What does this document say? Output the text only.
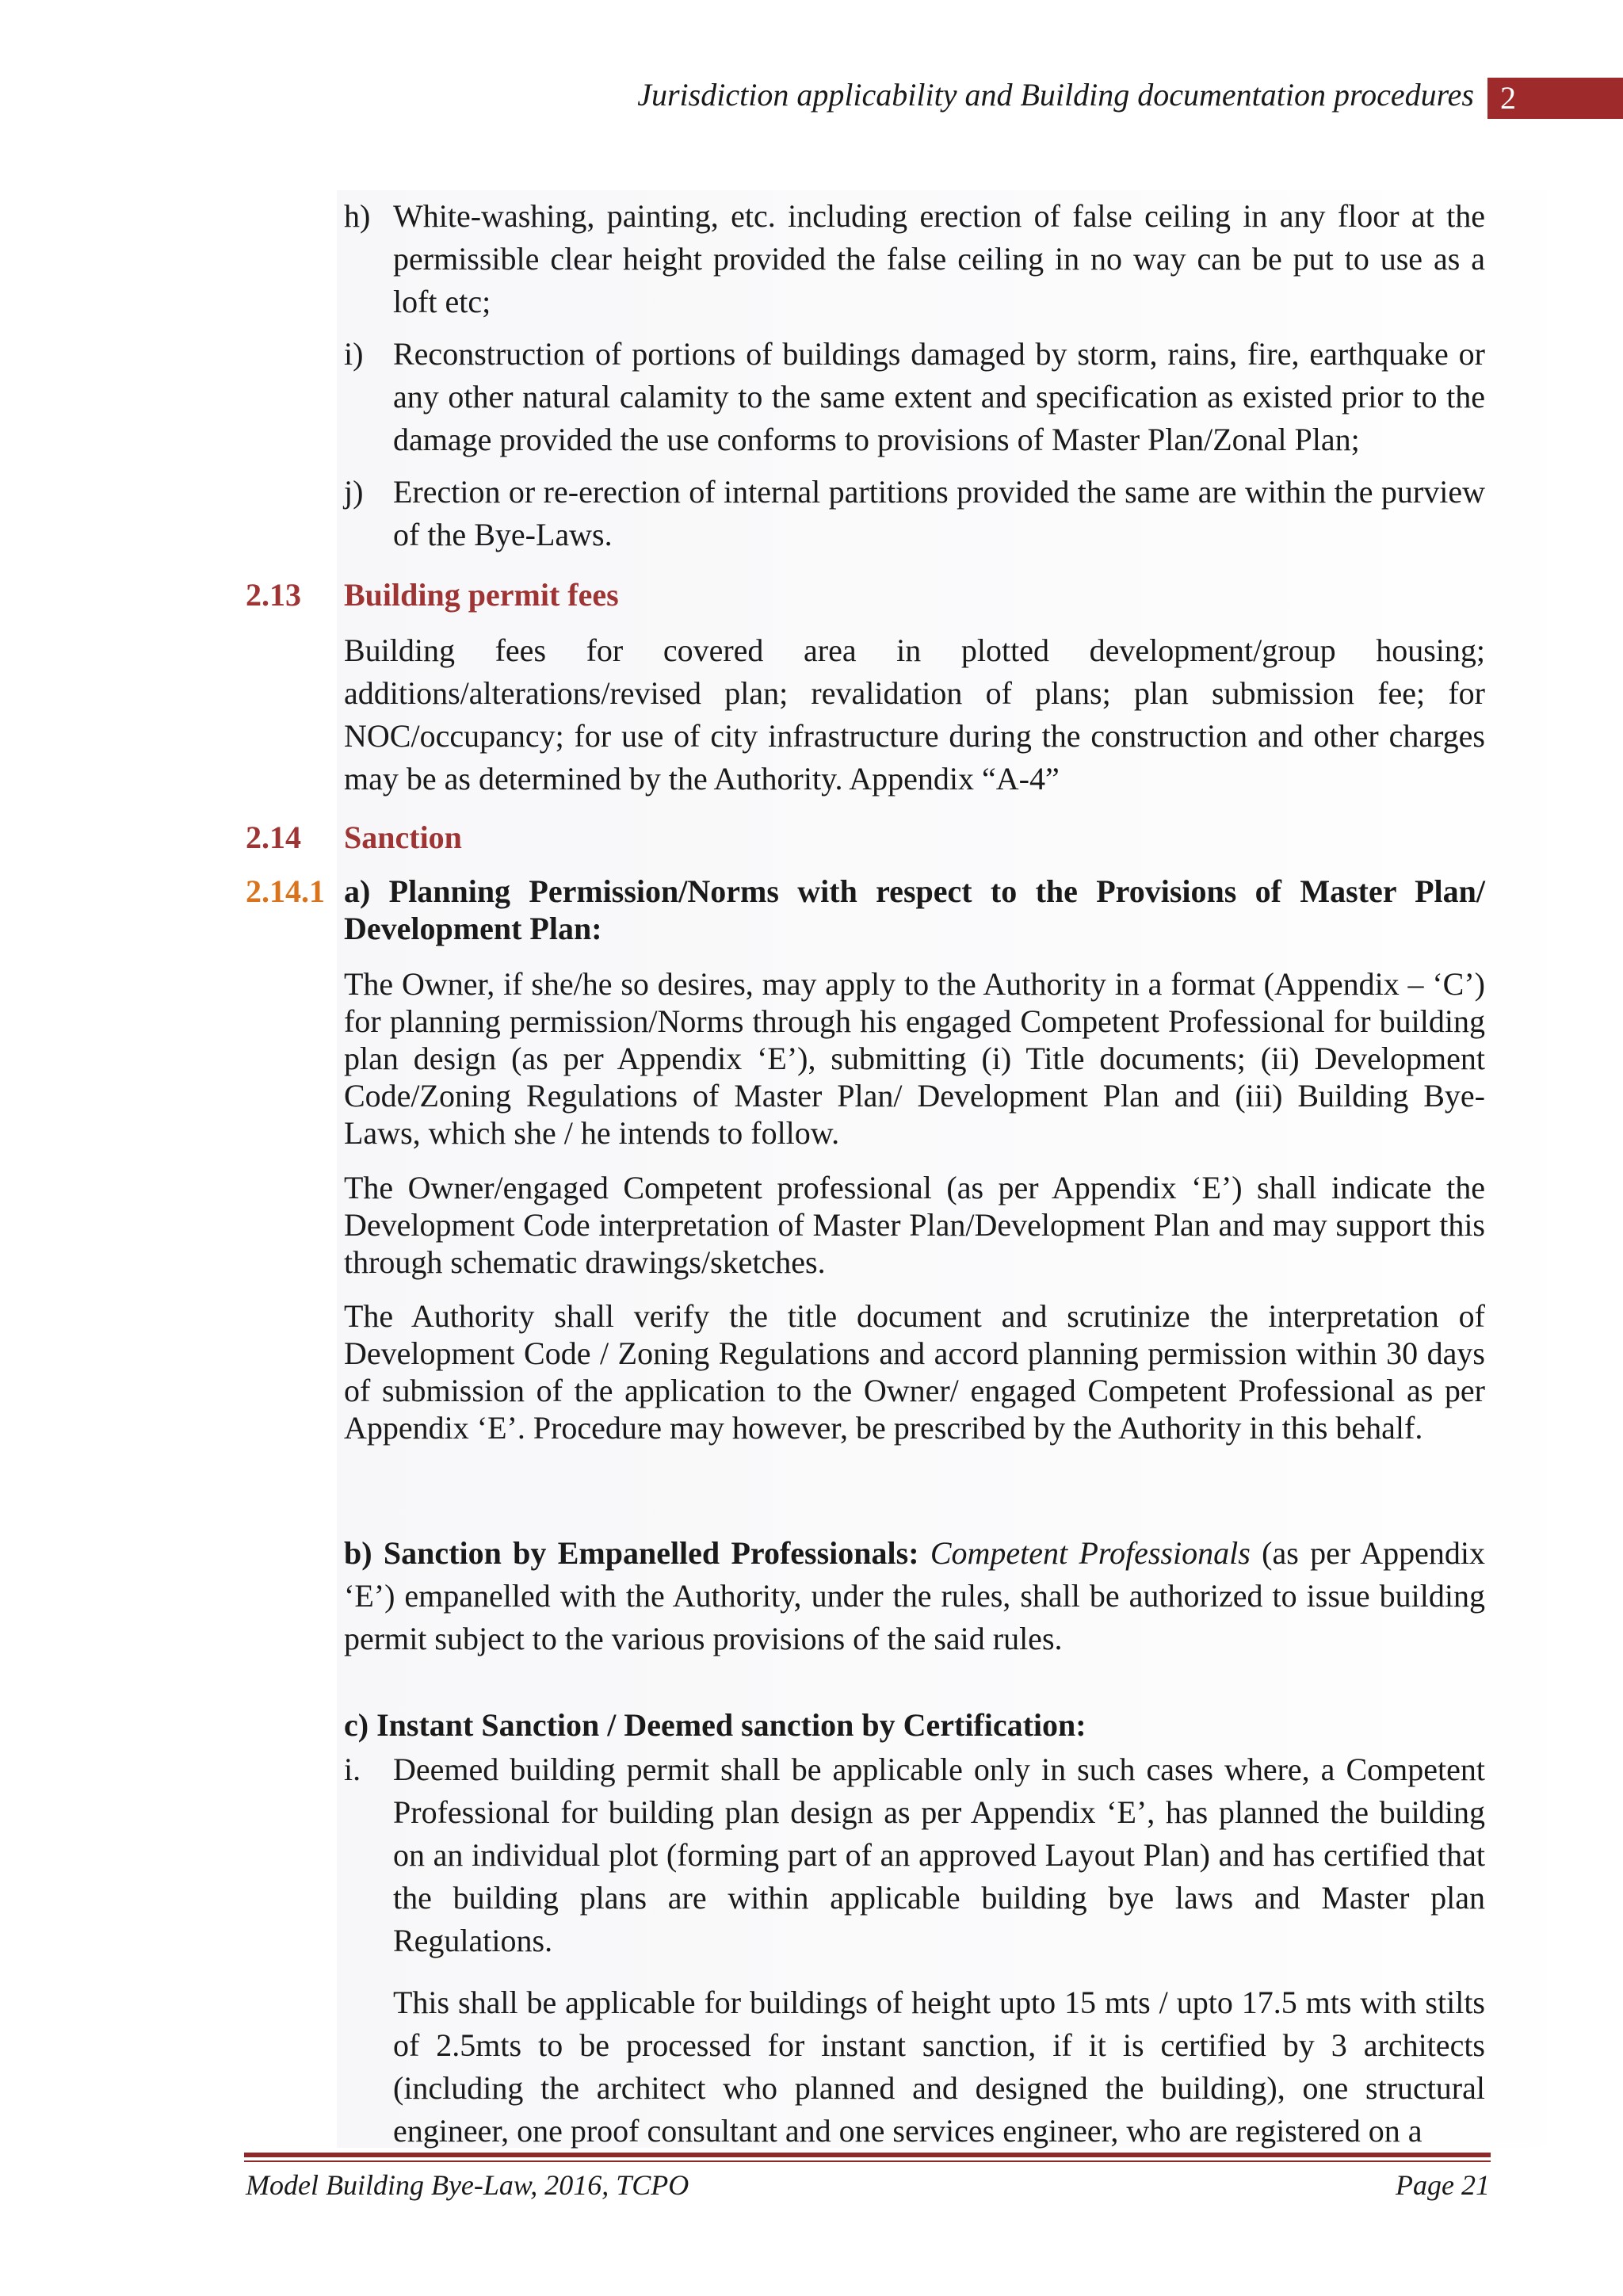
Jurisdiction applicability and Building documentation procedures 2
h) White-washing, painting, etc. including erection of false ceiling in any floor at the permissible clear height provided the false ceiling in no way can be put to use as a loft etc;
i) Reconstruction of portions of buildings damaged by storm, rains, fire, earthquake or any other natural calamity to the same extent and specification as existed prior to the damage provided the use conforms to provisions of Master Plan/Zonal Plan;
j) Erection or re-erection of internal partitions provided the same are within the purview of the Bye-Laws.
2.13 Building permit fees
Building fees for covered area in plotted development/group housing; additions/alterations/revised plan; revalidation of plans; plan submission fee; for NOC/occupancy; for use of city infrastructure during the construction and other charges may be as determined by the Authority. Appendix “A-4”
2.14 Sanction
2.14.1 a) Planning Permission/Norms with respect to the Provisions of Master Plan/ Development Plan:
The Owner, if she/he so desires, may apply to the Authority in a format (Appendix – ‘C’) for planning permission/Norms through his engaged Competent Professional for building plan design (as per Appendix ‘E’), submitting (i) Title documents; (ii) Development Code/Zoning Regulations of Master Plan/ Development Plan and (iii) Building Bye-Laws, which she / he intends to follow.
The Owner/engaged Competent professional (as per Appendix ‘E’) shall indicate the Development Code interpretation of Master Plan/Development Plan and may support this through schematic drawings/sketches.
The Authority shall verify the title document and scrutinize the interpretation of Development Code / Zoning Regulations and accord planning permission within 30 days of submission of the application to the Owner/ engaged Competent Professional as per Appendix ‘E’. Procedure may however, be prescribed by the Authority in this behalf.
b) Sanction by Empanelled Professionals: Competent Professionals (as per Appendix ‘E’) empanelled with the Authority, under the rules, shall be authorized to issue building permit subject to the various provisions of the said rules.
c) Instant Sanction / Deemed sanction by Certification:
i. Deemed building permit shall be applicable only in such cases where, a Competent Professional for building plan design as per Appendix ‘E’, has planned the building on an individual plot (forming part of an approved Layout Plan) and has certified that the building plans are within applicable building bye laws and Master plan Regulations.
This shall be applicable for buildings of height upto 15 mts / upto 17.5 mts with stilts of 2.5mts to be processed for instant sanction, if it is certified by 3 architects (including the architect who planned and designed the building), one structural engineer, one proof consultant and one services engineer, who are registered on a
Model Building Bye-Law, 2016, TCPO	Page 21
